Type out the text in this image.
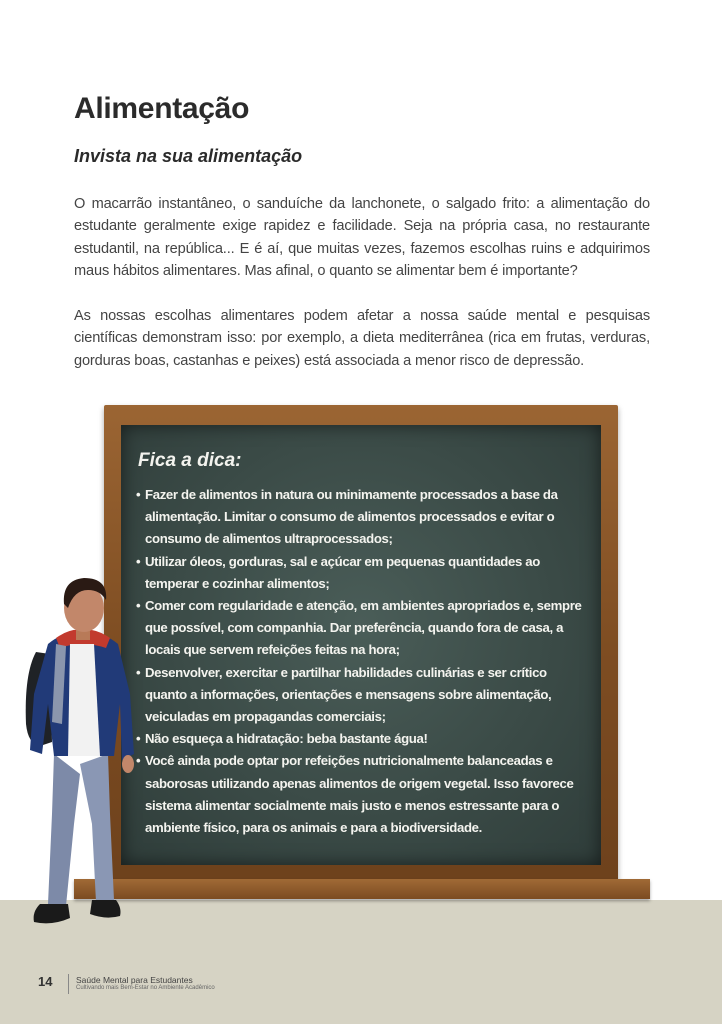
Alimentação
Invista na sua alimentação

O macarrão instantâneo, o sanduíche da lanchonete, o salgado frito: a alimentação do estudante geralmente exige rapidez e facilidade. Seja na própria casa, no restaurante estudantil, na república... E é aí, que muitas vezes, fazemos escolhas ruins e adquirimos maus hábitos alimentares. Mas afinal, o quanto se alimentar bem é importante?

As nossas escolhas alimentares podem afetar a nossa saúde mental e pesquisas científicas demonstram isso: por exemplo, a dieta mediterrânea (rica em frutas, verduras, gorduras boas, castanhas e peixes) está associada a menor risco de depressão.

Fica a dica:
• Fazer de alimentos in natura ou minimamente processados a base da alimentação. Limitar o consumo de alimentos processados e evitar o consumo de alimentos ultraprocessados;
• Utilizar óleos, gorduras, sal e açúcar em pequenas quantidades ao temperar e cozinhar alimentos;
• Comer com regularidade e atenção, em ambientes apropriados e, sempre que possível, com companhia. Dar preferência, quando fora de casa, a locais que servem refeições feitas na hora;
• Desenvolver, exercitar e partilhar habilidades culinárias e ser crítico quanto a informações, orientações e mensagens sobre alimentação, veiculadas em propagandas comerciais;
• Não esqueça a hidratação: beba bastante água!
• Você ainda pode optar por refeições nutricionalmente balanceadas e saborosas utilizando apenas alimentos de origem vegetal. Isso favorece sistema alimentar socialmente mais justo e menos estressante para o ambiente físico, para os animais e para a biodiversidade.
14	Saúde Mental para Estudantes
Cultivando mais Bem-Estar no Ambiente Acadêmico
